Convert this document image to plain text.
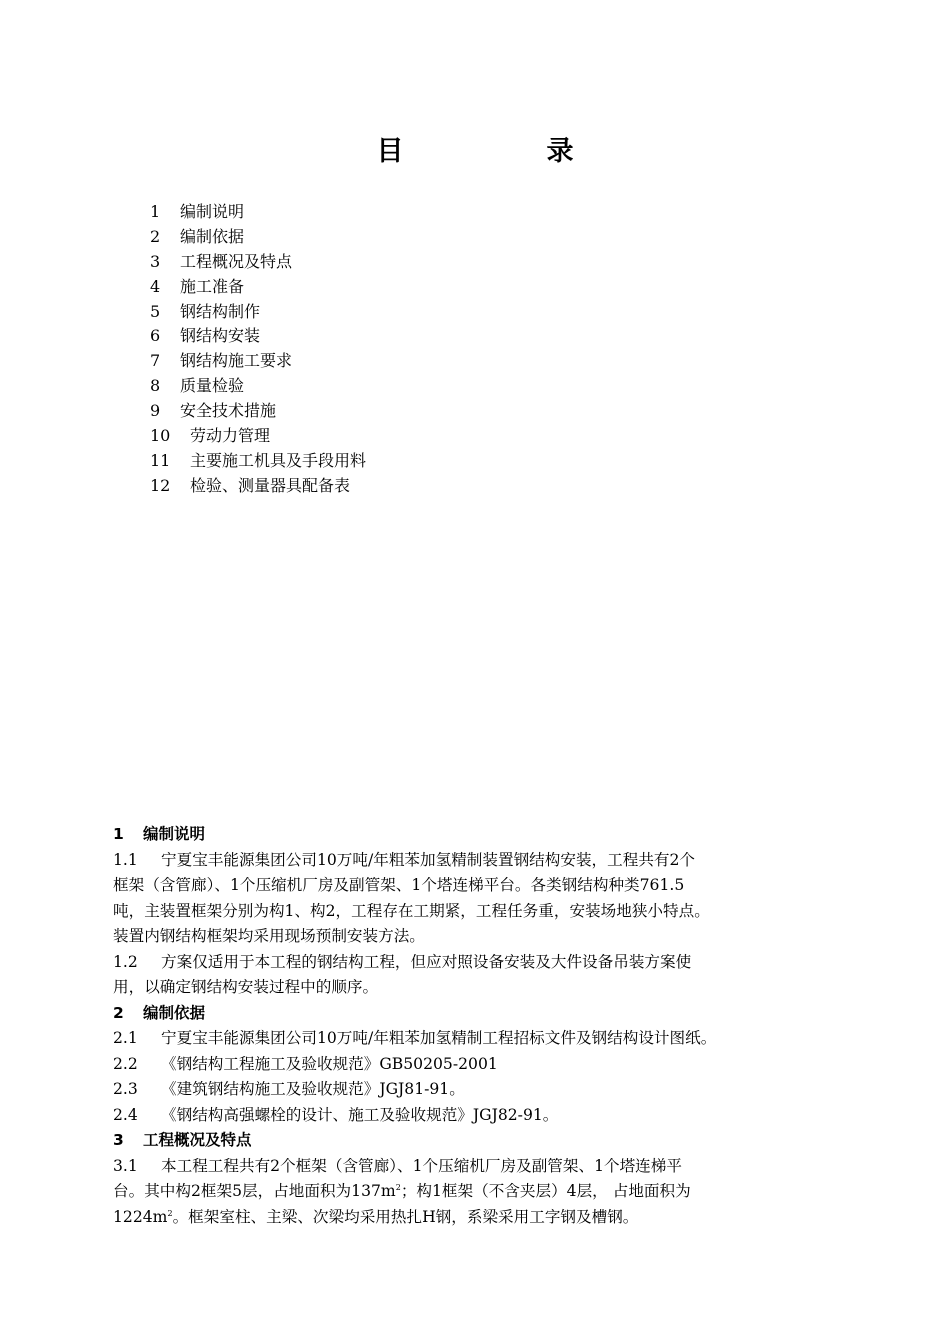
目　录
1 编制说明
2 编制依据
3 工程概况及特点
4 施工准备
5 钢结构制作
6 钢结构安装
7 钢结构施工要求
8 质量检验
9 安全技术措施
10 劳动力管理
11 主要施工机具及手段用料
12 检验、测量器具配备表
1 编制说明
1.1 宁夏宝丰能源集团公司10万吨/年粗苯加氢精制装置钢结构安装，工程共有2个
框架（含管廊）、1个压缩机厂房及副管架、1个塔连梯平台。各类钢结构种类761.5
吨，主装置框架分别为构1、构2，工程存在工期紧，工程任务重，安装场地狭小特点。
装置内钢结构框架均采用现场预制安装方法。
1.2 方案仅适用于本工程的钢结构工程，但应对照设备安装及大件设备吊装方案使
用，以确定钢结构安装过程中的顺序。
2 编制依据
2.1 宁夏宝丰能源集团公司10万吨/年粗苯加氢精制工程招标文件及钢结构设计图纸。
2.2 《钢结构工程施工及验收规范》GB50205-2001
2.3 《建筑钢结构施工及验收规范》JGJ81-91。
2.4 《钢结构高强螺栓的设计、施工及验收规范》JGJ82-91。
3 工程概况及特点
3.1 本工程工程共有2个框架（含管廊）、1个压缩机厂房及副管架、1个塔连梯平
台。其中构2框架5层，占地面积为$137m^2$；构1框架（不含夹层）4层， 占地面积为
$1224m^2$。框架室柱、主梁、次梁均采用热扎H钢，系梁采用工字钢及槽钢。
